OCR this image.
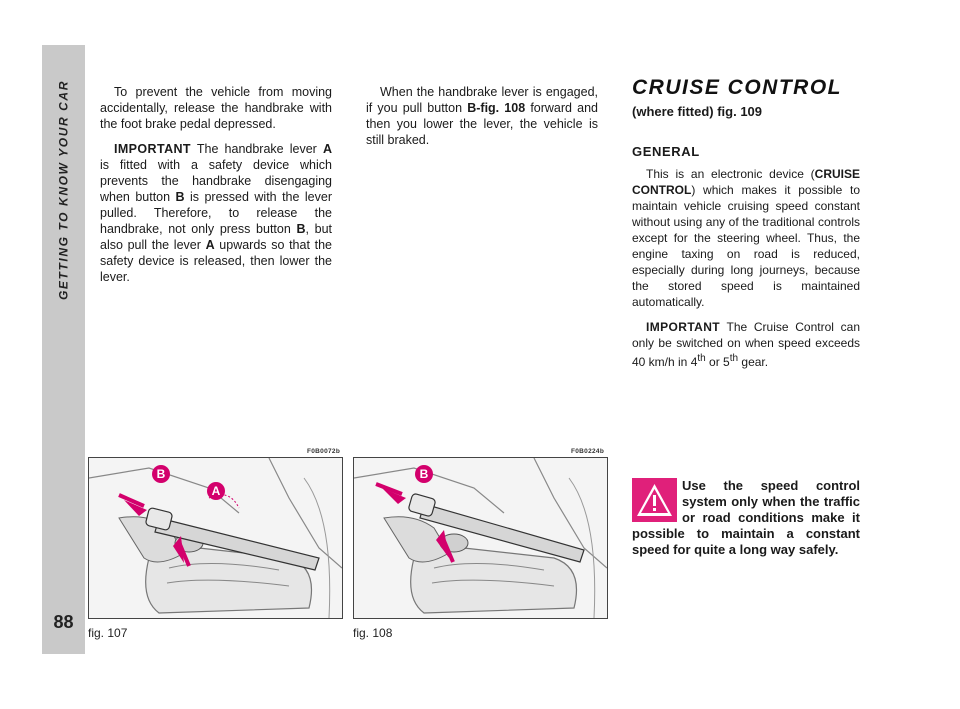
GETTING TO KNOW YOUR CAR
88

To prevent the vehicle from moving accidentally, release the handbrake with the foot brake pedal depressed.

IMPORTANT The handbrake lever A is fitted with a safety device which prevents the handbrake disengaging when button B is pressed with the lever pulled. Therefore, to release the handbrake, not only press button B, but also pull the lever A upwards so that the safety device is released, then lower the lever.

When the handbrake lever is engaged, if you pull button B-fig. 108 forward and then you lower the lever, the vehicle is still braked.

CRUISE CONTROL
(where fitted) fig. 109
GENERAL

This is an electronic device (CRUISE CONTROL) which makes it possible to maintain vehicle cruising speed constant without using any of the traditional controls except for the steering wheel. Thus, the engine taxing on road is reduced, especially during long journeys, because the stored speed is maintained automatically.

IMPORTANT The Cruise Control can only be switched on when speed exceeds 40 km/h in 4th or 5th gear.

F0B0072b
B
A
fig. 107
F0B0224b
B
fig. 108
Use the speed control system only when the traffic or road conditions make it possible to maintain a constant speed for quite a long way safely.
